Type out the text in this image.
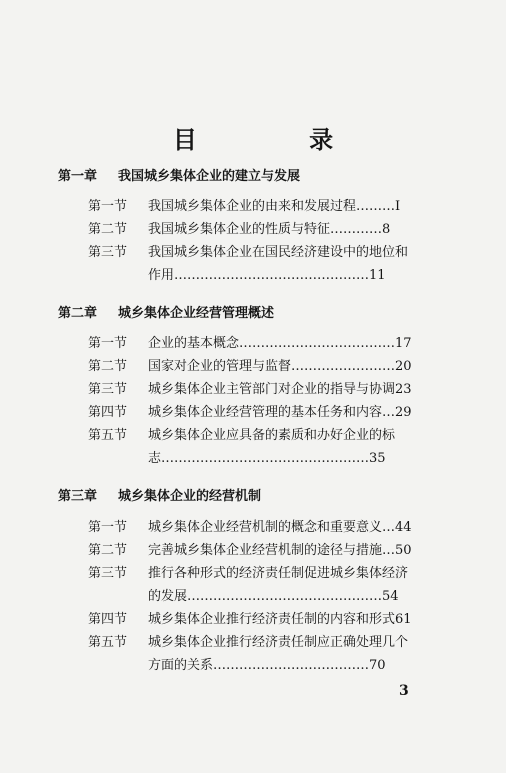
目 录
第一章 我国城乡集体企业的建立与发展
第一节 我国城乡集体企业的由来和发展过程………Ⅰ
第二节 我国城乡集体企业的性质与特征…………8
第三节 我国城乡集体企业在国民经济建设中的地位和
作用………………………………………11
第二章 城乡集体企业经营管理概述
第一节 企业的基本概念………………………………17
第二节 国家对企业的管理与监督……………………20
第三节 城乡集体企业主管部门对企业的指导与协调23
第四节 城乡集体企业经营管理的基本任务和内容…29
第五节 城乡集体企业应具备的素质和办好企业的标
志…………………………………………35
第三章 城乡集体企业的经营机制
第一节 城乡集体企业经营机制的概念和重要意义…44
第二节 完善城乡集体企业经营机制的途径与措施…50
第三节 推行各种形式的经济责任制促进城乡集体经济
的发展………………………………………54
第四节 城乡集体企业推行经济责任制的内容和形式61
第五节 城乡集体企业推行经济责任制应正确处理几个
方面的关系………………………………70
3
